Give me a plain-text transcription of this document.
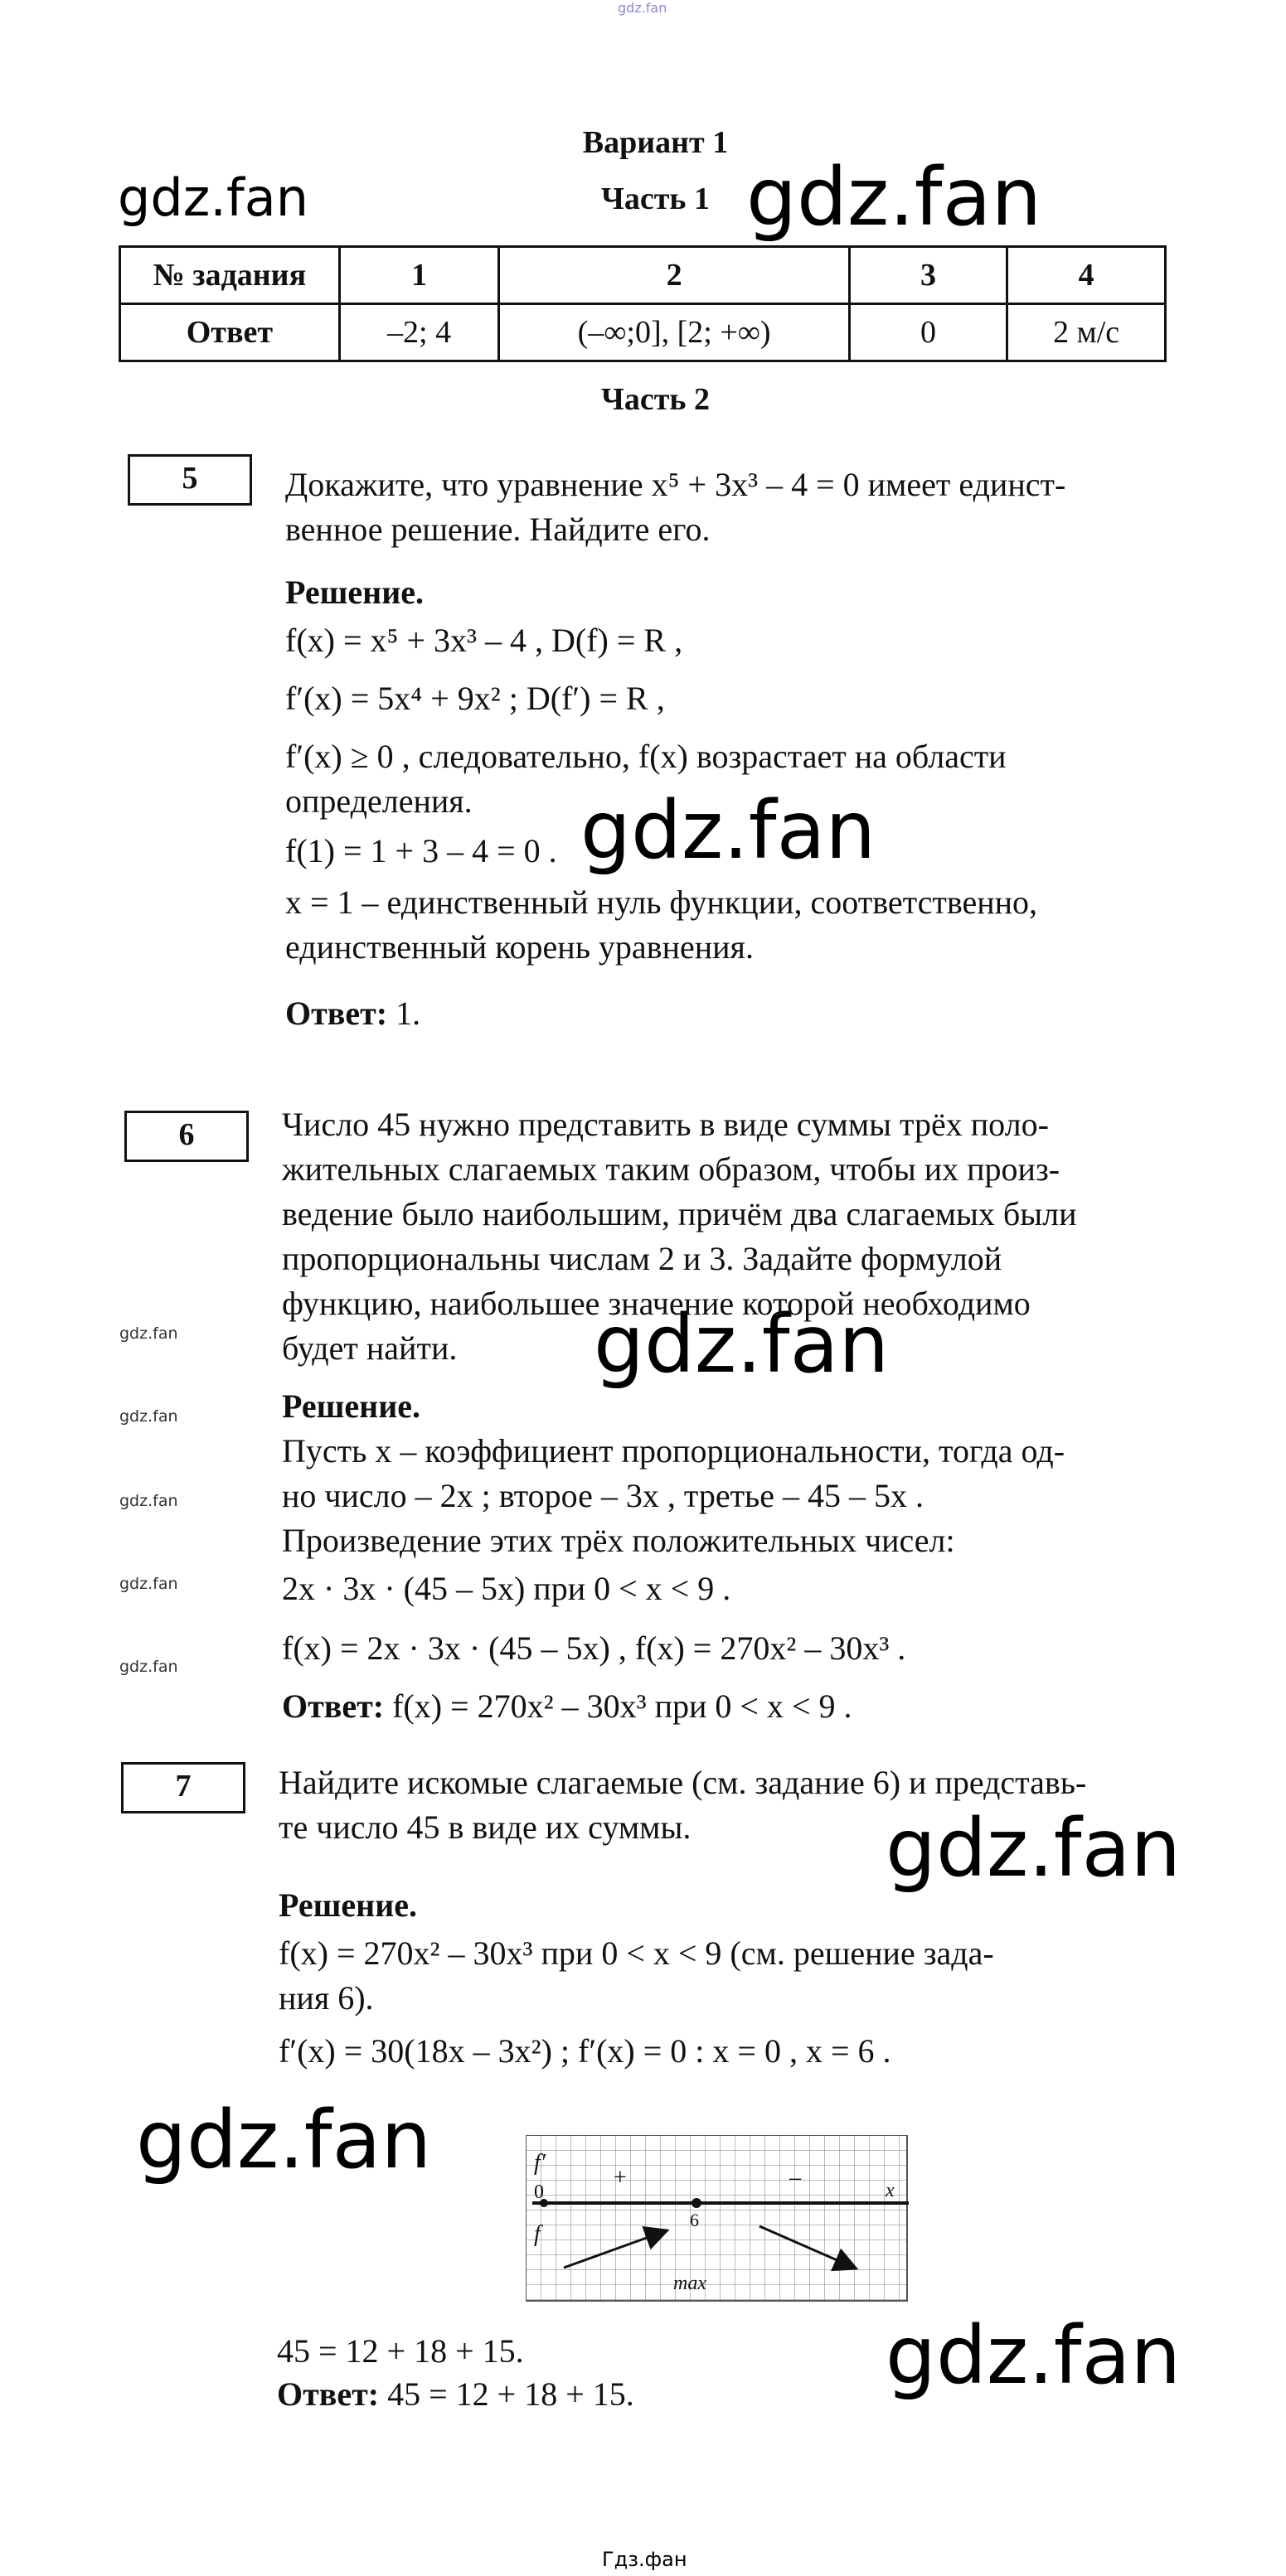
gdz.fan
gdz.fan	gdz.fan
gdz.fan
gdz.fan
gdz.fan
gdz.fan
gdz.fan
gdz.fan
gdz.fan
gdz.fan
gdz.fan
gdz.fan
Гдз.фан
Вариант 1
Часть 1
№ задания	1	2	3	4
Ответ	–2; 4	(–∞;0], [2; +∞)	0	2 м/с
Часть 2
5	Докажите, что уравнение x⁵ + 3x³ – 4 = 0 имеет единст-
венное решение. Найдите его.
Решение.
f(x) = x⁵ + 3x³ – 4 , D(f) = R ,
f′(x) = 5x⁴ + 9x² ; D(f′) = R ,
f′(x) ≥ 0 , следовательно, f(x) возрастает на области
определения.
f(1) = 1 + 3 – 4 = 0 .
x = 1 – единственный нуль функции, соответственно,
единственный корень уравнения.
Ответ: 1.
6	Число 45 нужно представить в виде суммы трёх поло-
жительных слагаемых таким образом, чтобы их произ-
ведение было наибольшим, причём два слагаемых были
пропорциональны числам 2 и 3. Задайте формулой
функцию, наибольшее значение которой необходимо
будет найти.
Решение.
Пусть x – коэффициент пропорциональности, тогда од-
но число – 2x ; второе – 3x , третье – 45 – 5x .
Произведение этих трёх положительных чисел:
2x · 3x · (45 – 5x) при 0 < x < 9 .
f(x) = 2x · 3x · (45 – 5x) , f(x) = 270x² – 30x³ .
Ответ: f(x) = 270x² – 30x³ при 0 < x < 9 .
7	Найдите искомые слагаемые (см. задание 6) и представь-
те число 45 в виде их суммы.
Решение.
f(x) = 270x² – 30x³ при 0 < x < 9 (см. решение зада-
ния 6).
f′(x) = 30(18x – 3x²) ; f′(x) = 0 : x = 0 , x = 6 .
f′
0
f
+	–
6
x
max
45 = 12 + 18 + 15.
Ответ: 45 = 12 + 18 + 15.
